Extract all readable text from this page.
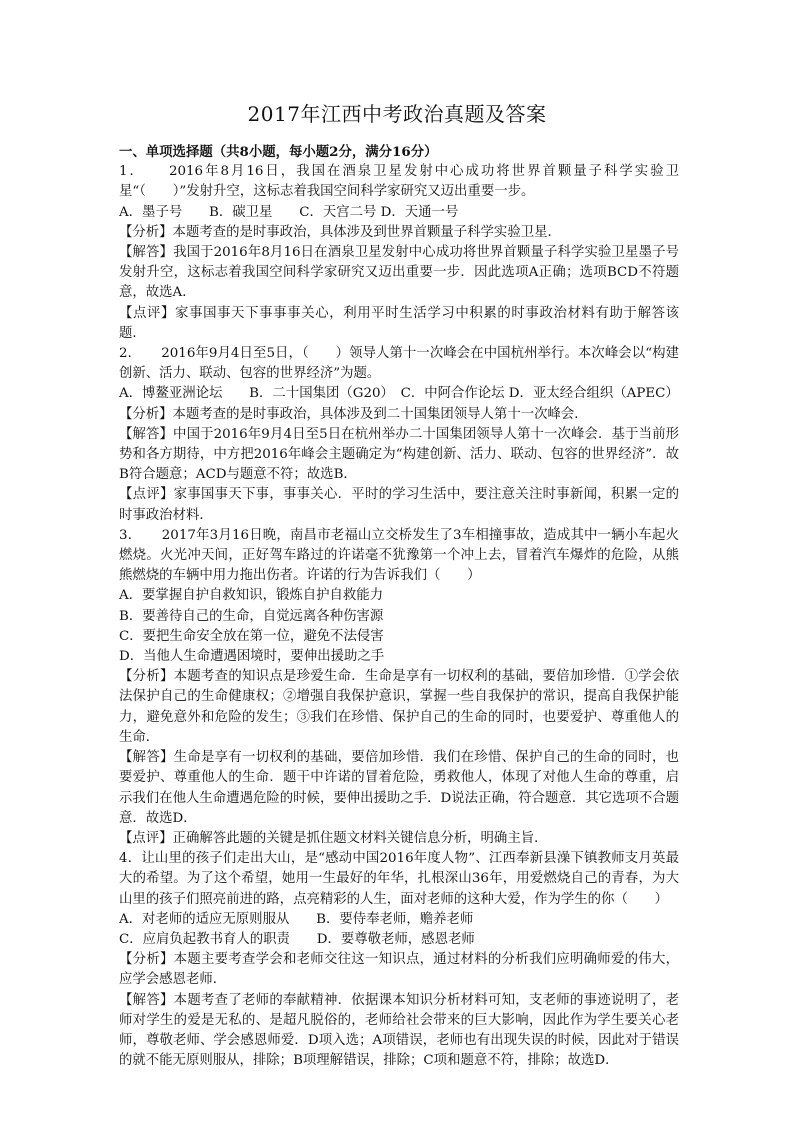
2017年江西中考政治真题及答案

一、单项选择题（共8小题，每小题2分，满分16分）

1．　　2016年8月16日，我国在酒泉卫星发射中心成功将世界首颗量子科学实验卫星“（　　）”发射升空，这标志着我国空间科学家研究又迈出重要一步。

A．墨子号　　B．碳卫星　　C．天宫二号 D．天通一号

【分析】本题考查的是时事政治，具体涉及到世界首颗量子科学实验卫星．

【解答】我国于2016年8月16日在酒泉卫星发射中心成功将世界首颗量子科学实验卫星墨子号发射升空，这标志着我国空间科学家研究又迈出重要一步．因此选项A正确；选项BCD不符题意，故选A．

【点评】家事国事天下事事事关心，利用平时生活学习中积累的时事政治材料有助于解答该题．

2．　　2016年9月4日至5日，（　　）领导人第十一次峰会在中国杭州举行。本次峰会以“构建创新、活力、联动、包容的世界经济”为题。

A．博鳌亚洲论坛　　B．二十国集团（G20）　C．中阿合作论坛 D．亚太经合组织（APEC）

【分析】本题考查的是时事政治，具体涉及到二十国集团领导人第十一次峰会．

【解答】中国于2016年9月4日至5日在杭州举办二十国集团领导人第十一次峰会．基于当前形势和各方期待，中方把2016年峰会主题确定为“构建创新、活力、联动、包容的世界经济”．故B符合题意；ACD与题意不符；故选B．

【点评】家事国事天下事，事事关心．平时的学习生活中，要注意关注时事新闻，积累一定的时事政治材料．

3．　　2017年3月16日晚，南昌市老福山立交桥发生了3车相撞事故，造成其中一辆小车起火燃烧。火光冲天间，正好驾车路过的许诺毫不犹豫第一个冲上去，冒着汽车爆炸的危险，从熊熊燃烧的车辆中用力拖出伤者。许诺的行为告诉我们（　　）

A．要掌握自护自救知识，锻炼自护自救能力

B．要善待自己的生命，自觉远离各种伤害源

C．要把生命安全放在第一位，避免不法侵害

D．当他人生命遭遇困境时，要伸出援助之手

【分析】本题考查的知识点是珍爱生命．生命是享有一切权利的基础，要倍加珍惜．①学会依法保护自己的生命健康权；②增强自我保护意识，掌握一些自我保护的常识，提高自我保护能力，避免意外和危险的发生；③我们在珍惜、保护自己的生命的同时，也要爱护、尊重他人的生命．

【解答】生命是享有一切权利的基础，要倍加珍惜．我们在珍惜、保护自己的生命的同时，也要爱护、尊重他人的生命．题干中许诺的冒着危险，勇救他人，体现了对他人生命的尊重，启示我们在他人生命遭遇危险的时候，要伸出援助之手．D说法正确，符合题意．其它选项不合题意．故选D．

【点评】正确解答此题的关键是抓住题文材料关键信息分析，明确主旨．

4．让山里的孩子们走出大山，是“感动中国2016年度人物”、江西奉新县澡下镇教师支月英最大的希望。为了这个希望，她用一生最好的年华，扎根深山36年，用爱燃烧自己的青春，为大山里的孩子们照亮前进的路，点亮精彩的人生，面对老师的这种大爱，作为学生的你（　　）

A．对老师的适应无原则服从　　B．要侍奉老师，赡养老师

C．应肩负起教书育人的职责　　D．要尊敬老师，感恩老师

【分析】本题主要考查学会和老师交往这一知识点，通过材料的分析我们应明确师爱的伟大，应学会感恩老师．

【解答】本题考查了老师的奉献精神．依据课本知识分析材料可知，支老师的事迹说明了，老师对学生的爱是无私的、是超凡脱俗的，老师给社会带来的巨大影响，因此作为学生要关心老师，尊敬老师、学会感恩师爱．D项入选；A项错误，老师也有出现失误的时候，因此对于错误的就不能无原则服从，排除；B项理解错误，排除；C项和题意不符，排除；故选D．
